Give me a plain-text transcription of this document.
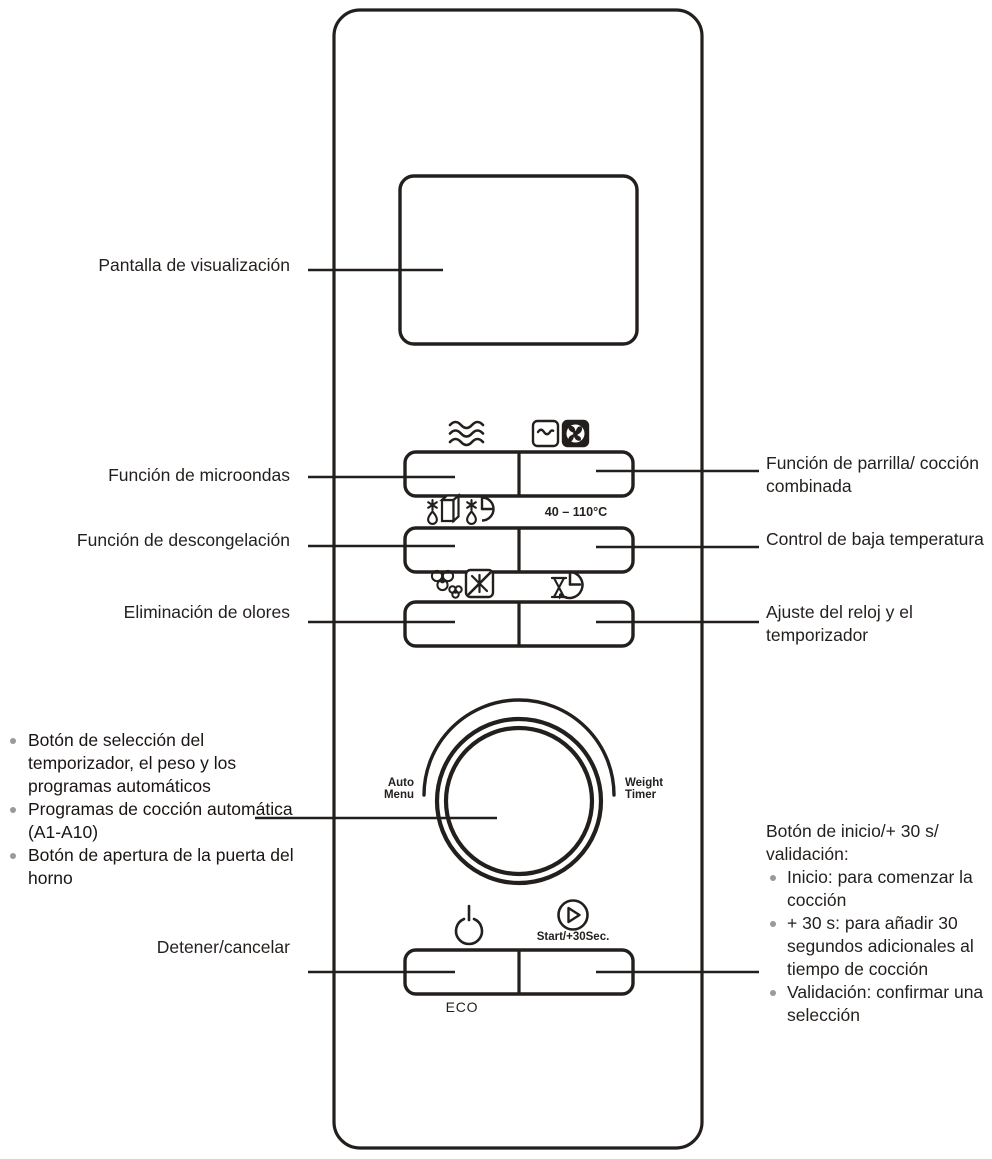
40 – 110°C
Auto
Menu
Weight
Timer
Start/+30Sec.
ECO
Pantalla de visualización
Función de microondas
Función de descongelación
Eliminación de olores
Detener/cancelar
Función de parrilla/ cocción combinada
Control de baja temperatura
Ajuste del reloj y el temporizador
Botón de selección del temporizador, el peso y los programas automáticos
Programas de cocción automática (A1-A10)
Botón de apertura de la puerta del horno
Botón de inicio/+ 30 s/ validación:
Inicio: para comenzar la cocción
+ 30 s: para añadir 30 segundos adicionales al tiempo de cocción
Validación: confirmar una selección
